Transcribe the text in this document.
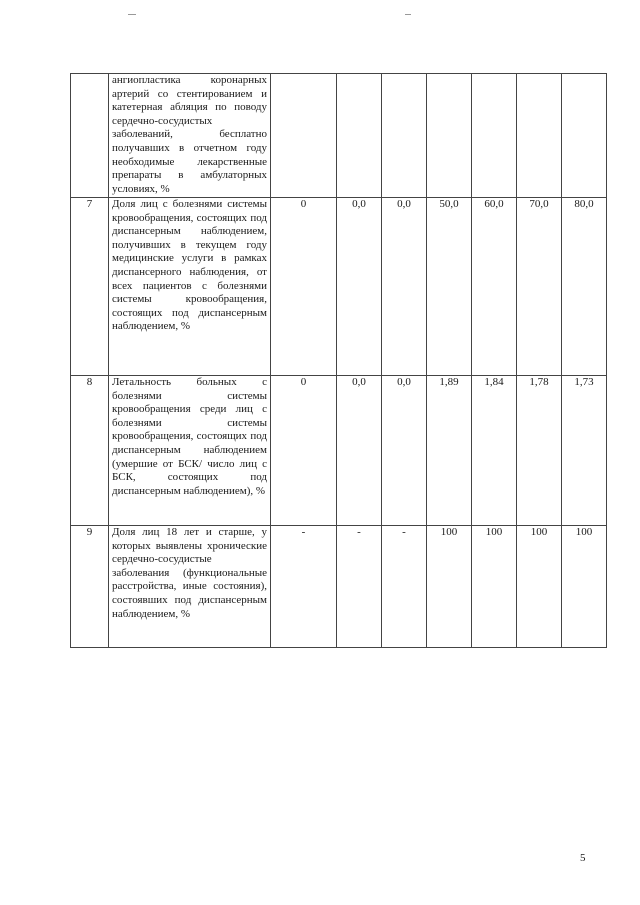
	ангиопластика коронарных артерий со стентированием и катетерная абляция по поводу сердечно-сосудистых заболеваний, бесплатно получавших в отчетном году необходимые лекарственные препараты в амбулаторных условиях, %							
7	Доля лиц с болезнями системы кровообращения, состоящих под диспансерным наблюдением, получивших в текущем году медицинские услуги в рамках диспансерного наблюдения, от всех пациентов с болезнями системы кровообращения, состоящих под диспансерным наблюдением, %	0	0,0	0,0	50,0	60,0	70,0	80,0
8	Летальность больных с болезнями системы кровообращения среди лиц с болезнями системы кровообращения, состоящих под диспансерным наблюдением (умершие от БСК/ число лиц с БСК, состоящих под диспансерным наблюдением), %	0	0,0	0,0	1,89	1,84	1,78	1,73
9	Доля лиц 18 лет и старше, у которых выявлены хронические сердечно-сосудистые заболевания (функциональные расстройства, иные состояния), состоявших под диспансерным наблюдением, %	-	-	-	100	100	100	100
5
